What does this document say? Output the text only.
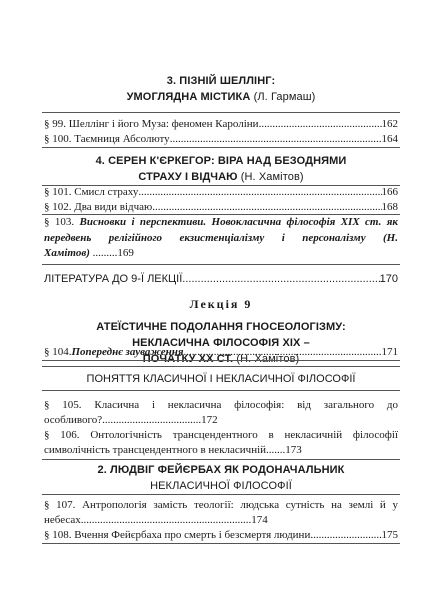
3. ПІЗНІЙ ШЕЛЛІНГ:
УМОГЛЯДНА МІСТИКА (Л. Гармаш)
§ 99. Шеллінг і його Муза: феномен Кароліни .....	162
§ 100. Таємниця Абсолюту .....	164
4. СЕРЕН К'ЄРКЕГОР: ВІРА НАД БЕЗОДНЯМИ
СТРАХУ І ВІДЧАЮ (Н. Хамітов)
§ 101. Смисл страху .....	166
§ 102. Два види відчаю .....	168
§ 103. Висновки і перспективи. Новокласична філософія XIX ст. як передвень релігійного екзистенціалізму і персоналізму (Н. Хамітов) .........169
ЛІТЕРАТУРА ДО 9-Ї ЛЕКЦІЇ .....	170
Лекція 9
АТЕЇСТИЧНЕ ПОДОЛАННЯ ГНОСЕОЛОГІЗМУ:
НЕКЛАСИЧНА ФІЛОСОФІЯ XIX –
ПОЧАТКУ XX СТ. (Н. Хамітов)
§ 104. Попереднє зауваження .....	171
ПОНЯТТЯ КЛАСИЧНОЇ І НЕКЛАСИЧНОЇ ФІЛОСОФІЇ
§ 105. Класична і некласична філософія: від загального до особливого?....................................172
§ 106. Онтологічність трансцендентного в некласичній філософії символічність трансцендентного в некласичній.......173
2. ЛЮДВІГ ФЕЙЄРБАХ ЯК РОДОНАЧАЛЬНИК
НЕКЛАСИЧНОЇ ФІЛОСОФІЇ
§ 107. Антропологія замість теології: людська сутність на землі й у небесах..............................................................174
§ 108. Вчення Фейєрбаха про смерть і безсмертя людини .....	175
